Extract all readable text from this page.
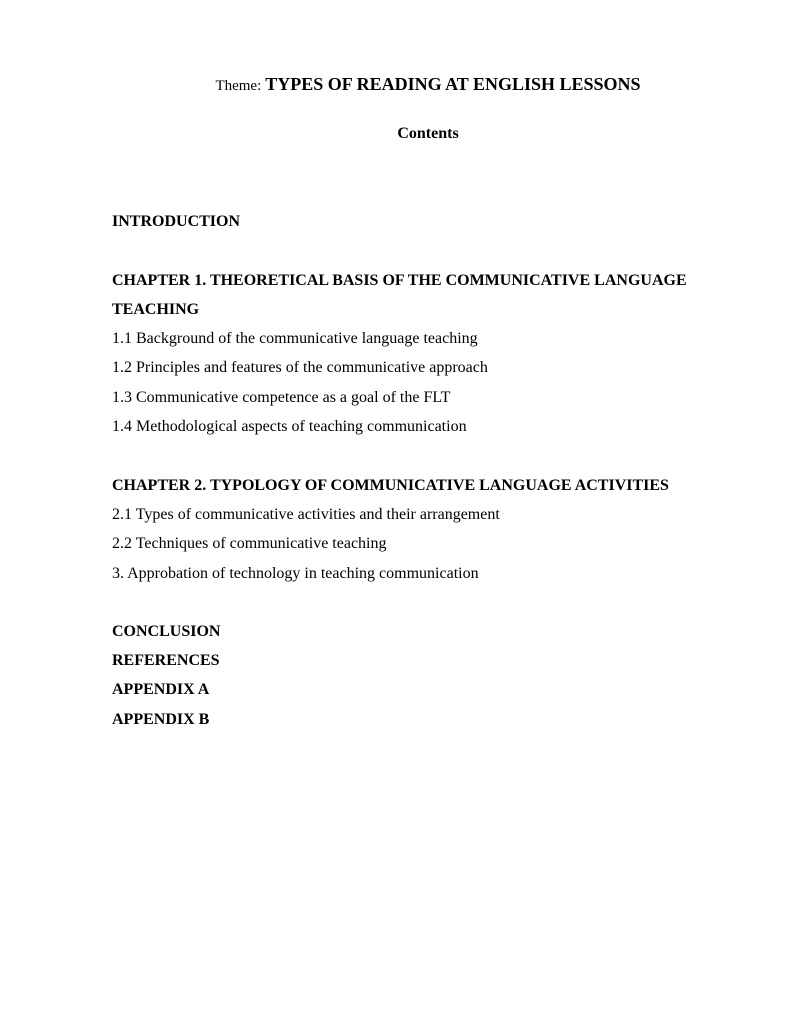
Theme: TYPES OF READING AT ENGLISH LESSONS
Contents
INTRODUCTION
CHAPTER 1. THEORETICAL BASIS OF THE COMMUNICATIVE LANGUAGE
TEACHING
1.1 Background of the communicative language teaching
1.2 Principles and features of the communicative approach
1.3 Communicative competence as a goal of the FLT
1.4 Methodological aspects of teaching communication
CHAPTER 2. TYPOLOGY OF COMMUNICATIVE LANGUAGE ACTIVITIES
2.1 Types of communicative activities and their arrangement
2.2 Techniques of communicative teaching
3. Approbation of technology in teaching communication
CONCLUSION
REFERENCES
APPENDIX A
APPENDIX B
